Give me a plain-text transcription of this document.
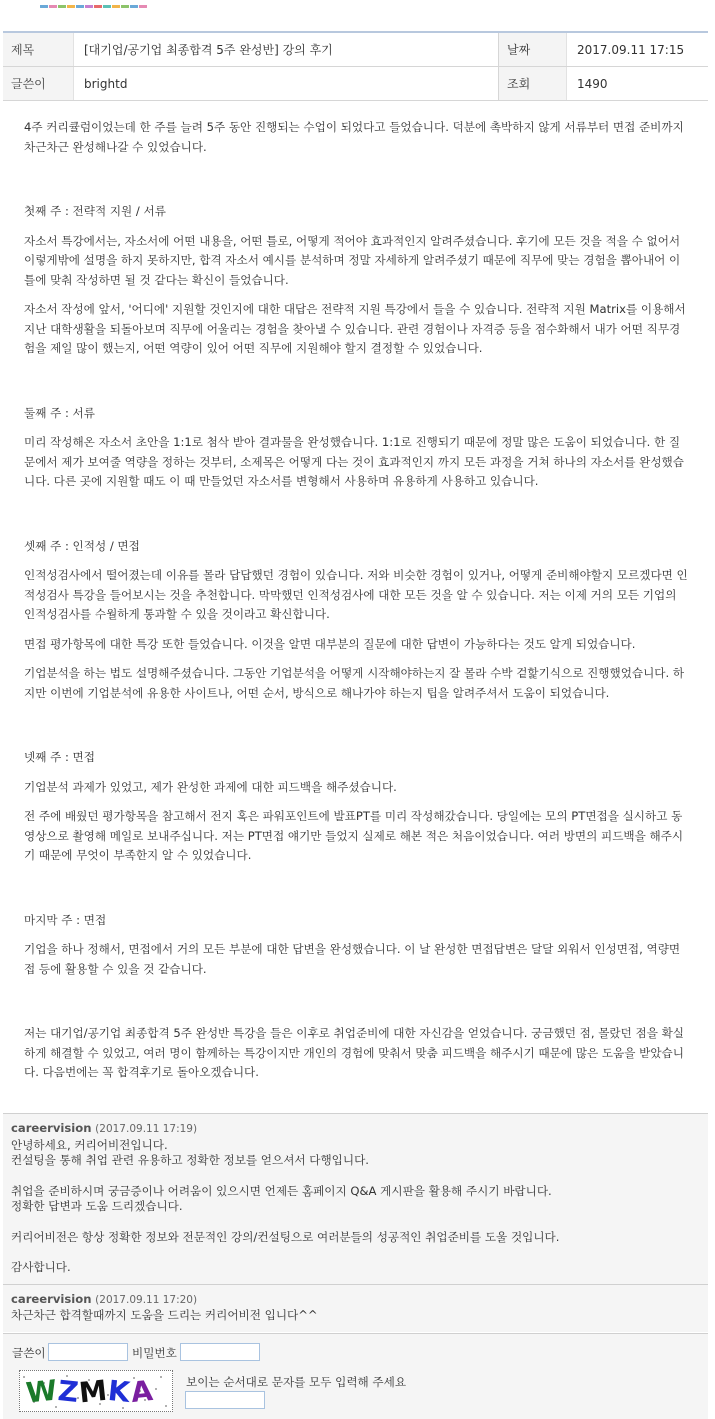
제목	[대기업/공기업 최종합격 5주 완성반] 강의 후기	날짜	2017.09.11 17:15
글쓴이	brightd	조회	1490

4주 커리큘럼이었는데 한 주를 늘려 5주 동안 진행되는 수업이 되었다고 들었습니다. 덕분에 촉박하지 않게 서류부터 면접 준비까지 차근차근 완성해나갈 수 있었습니다.

첫째 주 : 전략적 지원 / 서류

자소서 특강에서는, 자소서에 어떤 내용을, 어떤 틀로, 어떻게 적어야 효과적인지 알려주셨습니다. 후기에 모든 것을 적을 수 없어서 이렇게밖에 설명을 하지 못하지만, 합격 자소서 예시를 분석하며 정말 자세하게 알려주셨기 때문에 직무에 맞는 경험을 뽑아내어 이 틀에 맞춰 작성하면 될 것 같다는 확신이 들었습니다.

자소서 작성에 앞서, '어디에' 지원할 것인지에 대한 대답은 전략적 지원 특강에서 들을 수 있습니다. 전략적 지원 Matrix를 이용해서 지난 대학생활을 되돌아보며 직무에 어울리는 경험을 찾아낼 수 있습니다. 관련 경험이나 자격증 등을 점수화해서 내가 어떤 직무경험을 제일 많이 했는지, 어떤 역량이 있어 어떤 직무에 지원해야 할지 결정할 수 있었습니다.

둘째 주 : 서류

미리 작성해온 자소서 초안을 1:1로 첨삭 받아 결과물을 완성했습니다. 1:1로 진행되기 때문에 정말 많은 도움이 되었습니다. 한 질문에서 제가 보여줄 역량을 정하는 것부터, 소제목은 어떻게 다는 것이 효과적인지 까지 모든 과정을 거쳐 하나의 자소서를 완성했습니다. 다른 곳에 지원할 때도 이 때 만들었던 자소서를 변형해서 사용하며 유용하게 사용하고 있습니다.

셋째 주 : 인적성 / 면접

인적성검사에서 떨어졌는데 이유를 몰라 답답했던 경험이 있습니다. 저와 비슷한 경험이 있거나, 어떻게 준비해야할지 모르겠다면 인적성검사 특강을 들어보시는 것을 추천합니다. 막막했던 인적성검사에 대한 모든 것을 알 수 있습니다. 저는 이제 거의 모든 기업의 인적성검사를 수월하게 통과할 수 있을 것이라고 확신합니다.

면접 평가항목에 대한 특강 또한 들었습니다. 이것을 알면 대부분의 질문에 대한 답변이 가능하다는 것도 알게 되었습니다.

기업분석을 하는 법도 설명해주셨습니다. 그동안 기업분석을 어떻게 시작해야하는지 잘 몰라 수박 겉핥기식으로 진행했었습니다. 하지만 이번에 기업분석에 유용한 사이트나, 어떤 순서, 방식으로 해나가야 하는지 팁을 알려주셔서 도움이 되었습니다.

넷째 주 : 면접

기업분석 과제가 있었고, 제가 완성한 과제에 대한 피드백을 해주셨습니다.

전 주에 배웠던 평가항목을 참고해서 전지 혹은 파워포인트에 발표PT를 미리 작성해갔습니다. 당일에는 모의 PT면접을 실시하고 동영상으로 촬영해 메일로 보내주십니다. 저는 PT면접 얘기만 들었지 실제로 해본 적은 처음이었습니다. 여러 방면의 피드백을 해주시기 때문에 무엇이 부족한지 알 수 있었습니다.

마지막 주 : 면접

기업을 하나 정해서, 면접에서 거의 모든 부분에 대한 답변을 완성했습니다. 이 날 완성한 면접답변은 달달 외워서 인성면접, 역량면접 등에 활용할 수 있을 것 같습니다.

저는 대기업/공기업 최종합격 5주 완성반 특강을 들은 이후로 취업준비에 대한 자신감을 얻었습니다. 궁금했던 점, 몰랐던 점을 확실하게 해결할 수 있었고, 여러 명이 함께하는 특강이지만 개인의 경험에 맞춰서 맞춤 피드백을 해주시기 때문에 많은 도움을 받았습니다. 다음번에는 꼭 합격후기로 돌아오겠습니다.

careervision (2017.09.11 17:19)

안녕하세요, 커리어비전입니다.

컨설팅을 통해 취업 관련 유용하고 정확한 정보를 얻으셔서 다행입니다.

취업을 준비하시며 궁금증이나 어려움이 있으시면 언제든 홈페이지 Q&A 게시판을 활용해 주시기 바랍니다.

정확한 답변과 도움 드리겠습니다.

커리어비전은 항상 정확한 정보와 전문적인 강의/컨설팅으로 여러분들의 성공적인 취업준비를 도울 것입니다.

감사합니다.

careervision (2017.09.11 17:20)

차근차근 합격할때까지 도움을 드리는 커리어비전 입니다^^

글쓴이	비밀번호
WZMKA	보이는 순서대로 문자를 모두 입력해 주세요
